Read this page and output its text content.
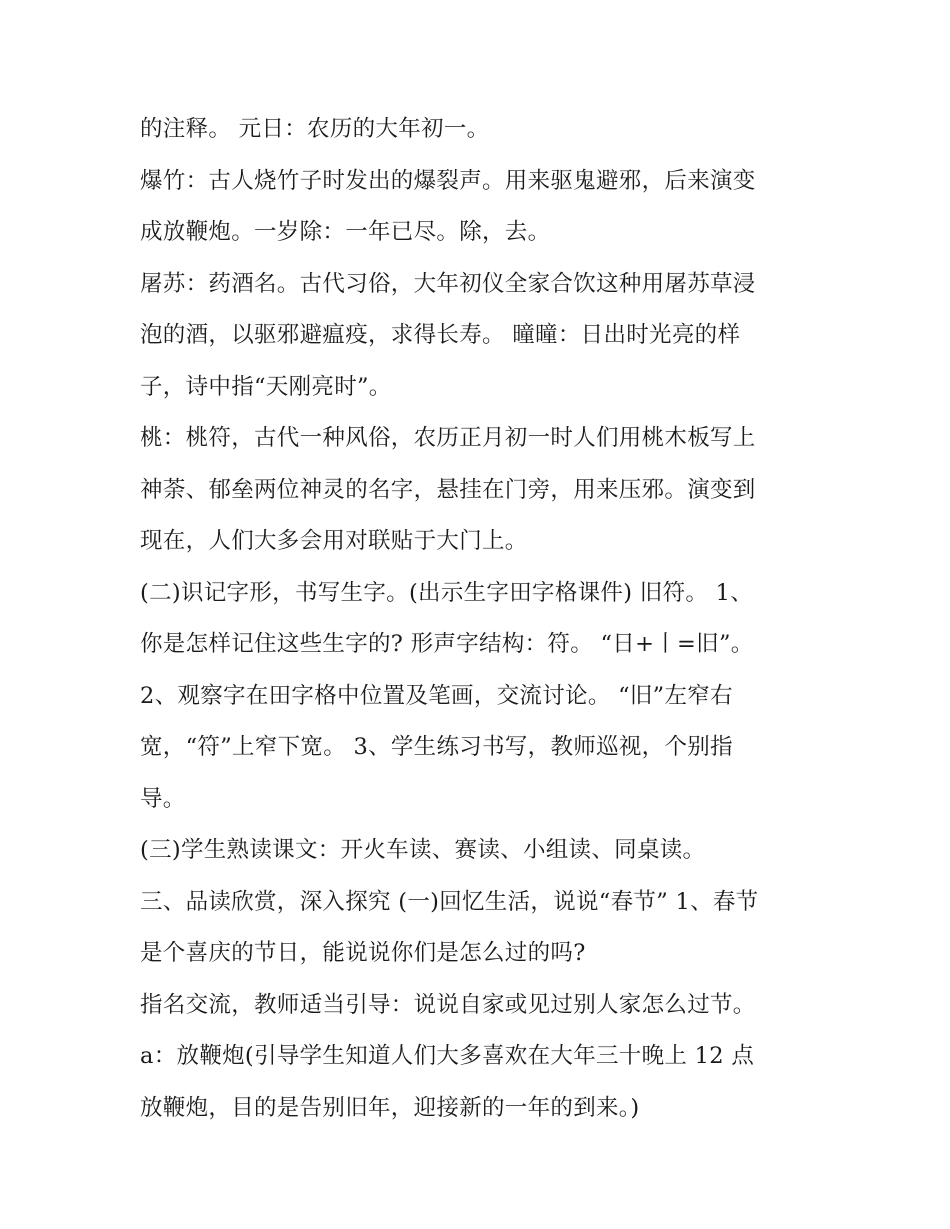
的注释。 元日：农历的大年初一。
爆竹：古人烧竹子时发出的爆裂声。用来驱鬼避邪，后来演变
成放鞭炮。一岁除：一年已尽。除，去。
屠苏：药酒名。古代习俗，大年初仪全家合饮这种用屠苏草浸
泡的酒，以驱邪避瘟疫，求得长寿。 曈曈：日出时光亮的样
子，诗中指“天刚亮时”。
桃：桃符，古代一种风俗，农历正月初一时人们用桃木板写上
神荼、郁垒两位神灵的名字，悬挂在门旁，用来压邪。演变到
现在，人们大多会用对联贴于大门上。
(二)识记字形，书写生字。(出示生字田字格课件) 旧符。 1、
你是怎样记住这些生字的? 形声字结构：符。 “日+丨=旧”。
2、观察字在田字格中位置及笔画，交流讨论。 “旧”左窄右
宽，“符”上窄下宽。 3、学生练习书写，教师巡视，个别指
导。
(三)学生熟读课文：开火车读、赛读、小组读、同桌读。
三、品读欣赏，深入探究 (一)回忆生活，说说“春节” 1、春节
是个喜庆的节日，能说说你们是怎么过的吗?
指名交流，教师适当引导：说说自家或见过别人家怎么过节。
a：放鞭炮(引导学生知道人们大多喜欢在大年三十晚上 12 点
放鞭炮，目的是告别旧年，迎接新的一年的到来。)
